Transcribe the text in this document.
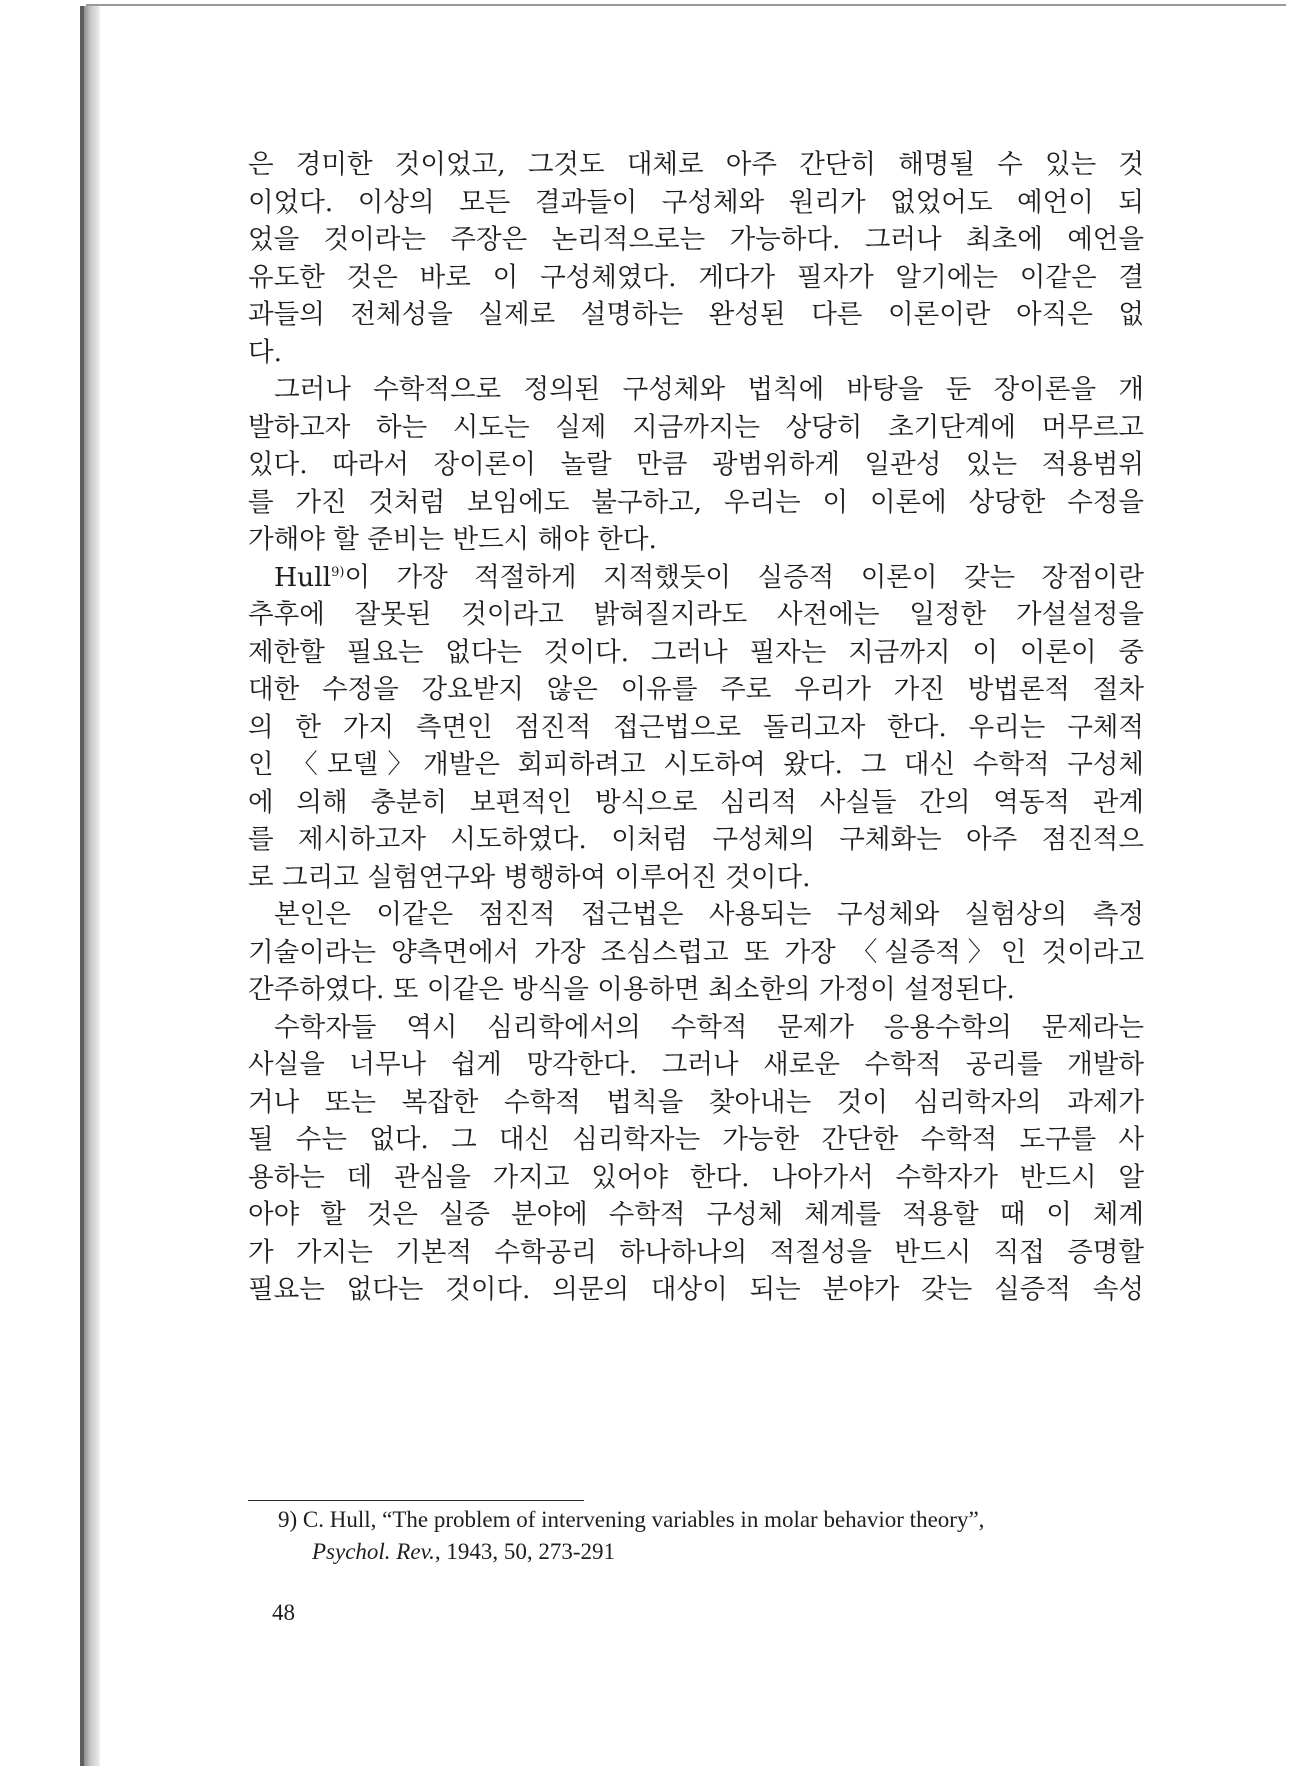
은 경미한 것이었고, 그것도 대체로 아주 간단히 해명될 수 있는 것
이었다. 이상의 모든 결과들이 구성체와 원리가 없었어도 예언이 되
었을 것이라는 주장은 논리적으로는 가능하다. 그러나 최초에 예언을
유도한 것은 바로 이 구성체였다. 게다가 필자가 알기에는 이같은 결
과들의 전체성을 실제로 설명하는 완성된 다른 이론이란 아직은 없
다.
그러나 수학적으로 정의된 구성체와 법칙에 바탕을 둔 장이론을 개
발하고자 하는 시도는 실제 지금까지는 상당히 초기단계에 머무르고
있다. 따라서 장이론이 놀랄 만큼 광범위하게 일관성 있는 적용범위
를 가진 것처럼 보임에도 불구하고, 우리는 이 이론에 상당한 수정을
가해야 할 준비는 반드시 해야 한다.
Hull$^{9)}$이 가장 적절하게 지적했듯이 실증적 이론이 갖는 장점이란
추후에 잘못된 것이라고 밝혀질지라도 사전에는 일정한 가설설정을
제한할 필요는 없다는 것이다. 그러나 필자는 지금까지 이 이론이 중
대한 수정을 강요받지 않은 이유를 주로 우리가 가진 방법론적 절차
의 한 가지 측면인 점진적 접근법으로 돌리고자 한다. 우리는 구체적
인 〈모델〉개발은 회피하려고 시도하여 왔다. 그 대신 수학적 구성체
에 의해 충분히 보편적인 방식으로 심리적 사실들 간의 역동적 관계
를 제시하고자 시도하였다. 이처럼 구성체의 구체화는 아주 점진적으
로 그리고 실험연구와 병행하여 이루어진 것이다.
본인은 이같은 점진적 접근법은 사용되는 구성체와 실험상의 측정
기술이라는 양측면에서 가장 조심스럽고 또 가장 〈실증적〉인 것이라고
간주하였다. 또 이같은 방식을 이용하면 최소한의 가정이 설정된다.
수학자들 역시 심리학에서의 수학적 문제가 응용수학의 문제라는
사실을 너무나 쉽게 망각한다. 그러나 새로운 수학적 공리를 개발하
거나 또는 복잡한 수학적 법칙을 찾아내는 것이 심리학자의 과제가
될 수는 없다. 그 대신 심리학자는 가능한 간단한 수학적 도구를 사
용하는 데 관심을 가지고 있어야 한다. 나아가서 수학자가 반드시 알
아야 할 것은 실증 분야에 수학적 구성체 체계를 적용할 때 이 체계
가 가지는 기본적 수학공리 하나하나의 적절성을 반드시 직접 증명할
필요는 없다는 것이다. 의문의 대상이 되는 분야가 갖는 실증적 속성
9) C. Hull, “The problem of intervening variables in molar behavior theory”,
Psychol. Rev., 1943, 50, 273-291
48
